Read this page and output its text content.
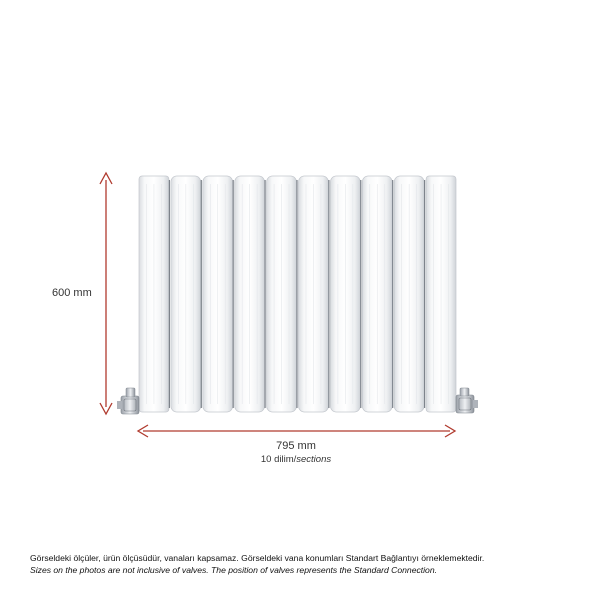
600 mm
795 mm
10 dilim/sections
Görseldeki ölçüler, ürün ölçüsüdür, vanaları kapsamaz. Görseldeki vana konumları Standart Bağlantıyı örneklemektedir.
Sizes on the photos are not inclusive of valves. The position of valves represents the Standard Connection.
